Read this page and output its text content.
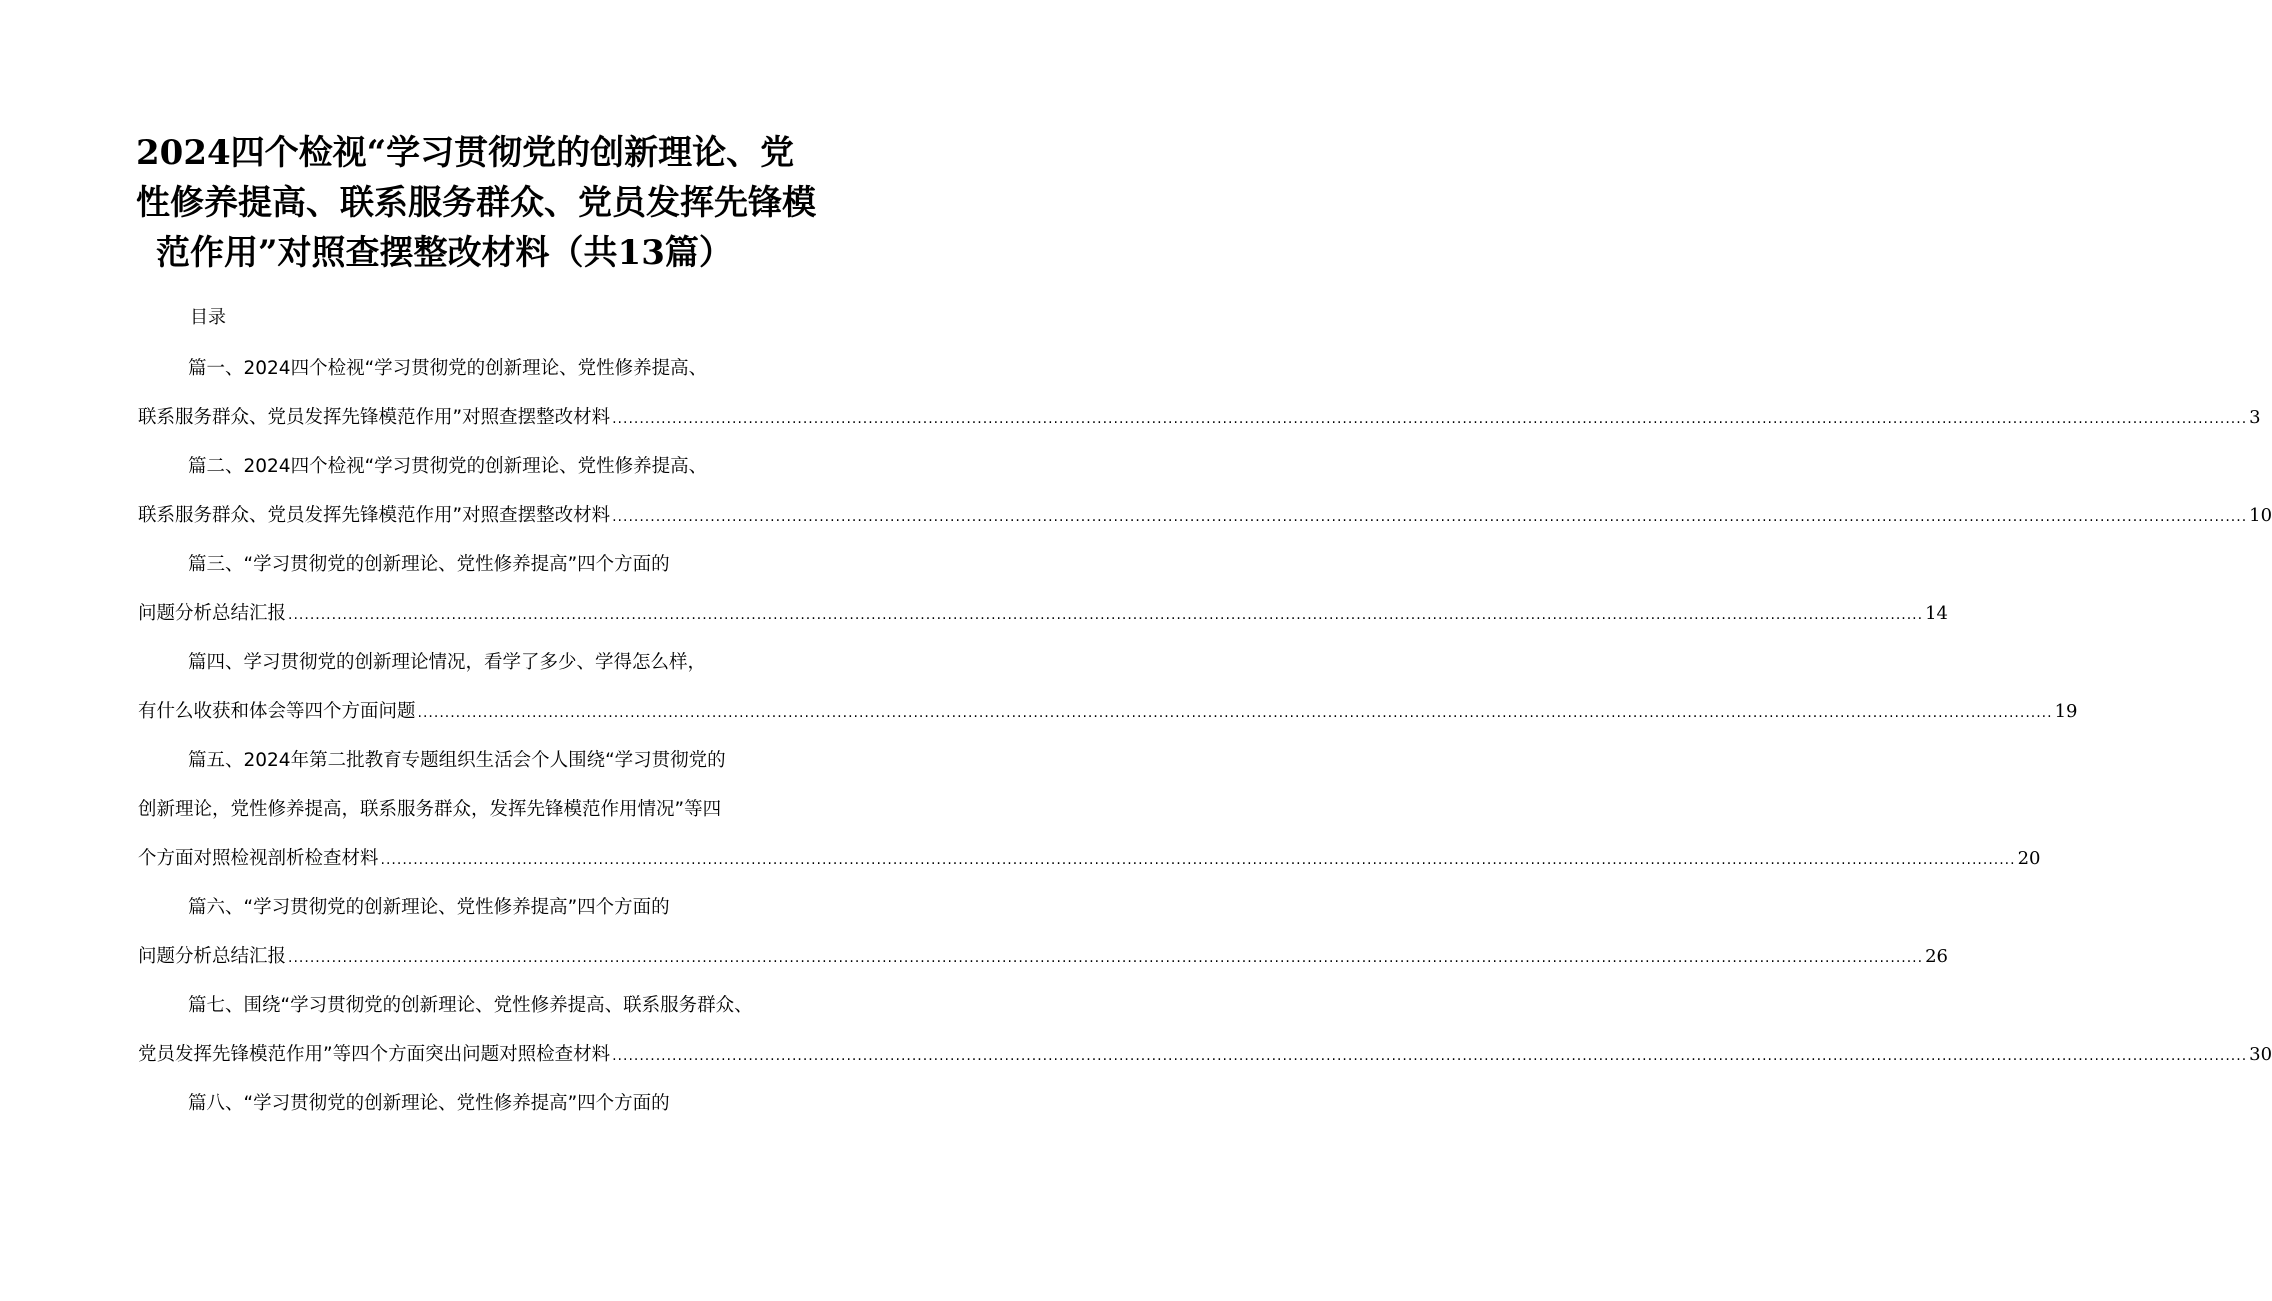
2024四个检视“学习贯彻党的创新理论、党
性修养提高、联系服务群众、党员发挥先锋模
范作用”对照查摆整改材料（共13篇）
目录
篇一、2024四个检视“学习贯彻党的创新理论、党性修养提高、
联系服务群众、党员发挥先锋模范作用”对照查摆整改材料 ............................................................................................................................................................................................................................................................................................................ 3
篇二、2024四个检视“学习贯彻党的创新理论、党性修养提高、
联系服务群众、党员发挥先锋模范作用”对照查摆整改材料 ............................................................................................................................................................................................................................................................................................................ 10
篇三、“学习贯彻党的创新理论、党性修养提高”四个方面的
问题分析总结汇报 ............................................................................................................................................................................................................................................................................................................ 14
篇四、学习贯彻党的创新理论情况，看学了多少、学得怎么样，
有什么收获和体会等四个方面问题 ............................................................................................................................................................................................................................................................................................................ 19
篇五、2024年第二批教育专题组织生活会个人围绕“学习贯彻党的
创新理论，党性修养提高，联系服务群众，发挥先锋模范作用情况”等四
个方面对照检视剖析检查材料 ............................................................................................................................................................................................................................................................................................................ 20
篇六、“学习贯彻党的创新理论、党性修养提高”四个方面的
问题分析总结汇报 ............................................................................................................................................................................................................................................................................................................ 26
篇七、围绕“学习贯彻党的创新理论、党性修养提高、联系服务群众、
党员发挥先锋模范作用”等四个方面突出问题对照检查材料 ............................................................................................................................................................................................................................................................................................................ 30
篇八、“学习贯彻党的创新理论、党性修养提高”四个方面的
